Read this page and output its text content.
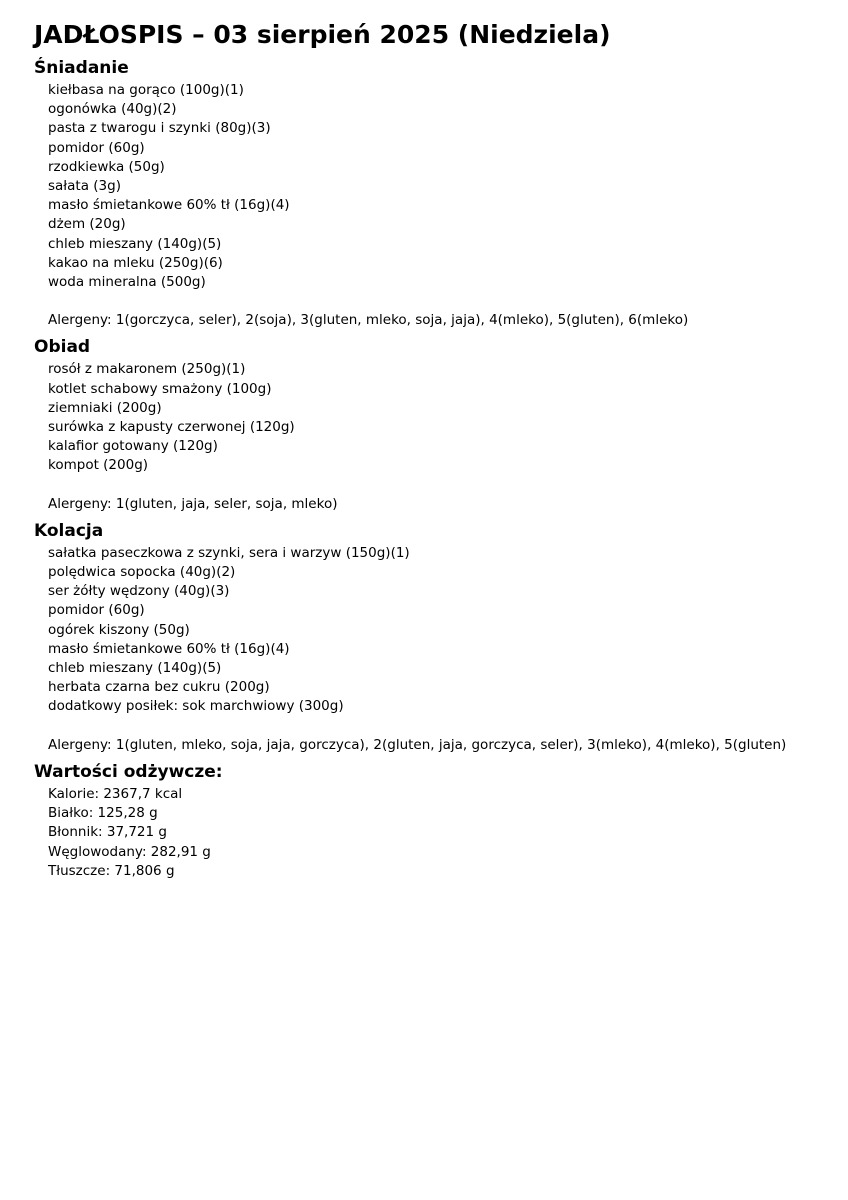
JADŁOSPIS – 03 sierpień 2025 (Niedziela)
Śniadanie
kiełbasa na gorąco (100g)(1)
ogonówka (40g)(2)
pasta z twarogu i szynki (80g)(3)
pomidor (60g)
rzodkiewka (50g)
sałata (3g)
masło śmietankowe 60% tł (16g)(4)
dżem (20g)
chleb mieszany (140g)(5)
kakao na mleku (250g)(6)
woda mineralna (500g)
Alergeny: 1(gorczyca, seler), 2(soja), 3(gluten, mleko, soja, jaja), 4(mleko), 5(gluten), 6(mleko)
Obiad
rosół z makaronem (250g)(1)
kotlet schabowy smażony (100g)
ziemniaki (200g)
surówka z kapusty czerwonej (120g)
kalafior gotowany (120g)
kompot (200g)
Alergeny: 1(gluten, jaja, seler, soja, mleko)
Kolacja
sałatka paseczkowa z szynki, sera i warzyw (150g)(1)
polędwica sopocka (40g)(2)
ser żółty wędzony (40g)(3)
pomidor (60g)
ogórek kiszony (50g)
masło śmietankowe 60% tł (16g)(4)
chleb mieszany (140g)(5)
herbata czarna bez cukru (200g)
dodatkowy posiłek: sok marchwiowy (300g)
Alergeny: 1(gluten, mleko, soja, jaja, gorczyca), 2(gluten, jaja, gorczyca, seler), 3(mleko), 4(mleko), 5(gluten)
Wartości odżywcze:
Kalorie: 2367,7 kcal
Białko: 125,28 g
Błonnik: 37,721 g
Węglowodany: 282,91 g
Tłuszcze: 71,806 g
